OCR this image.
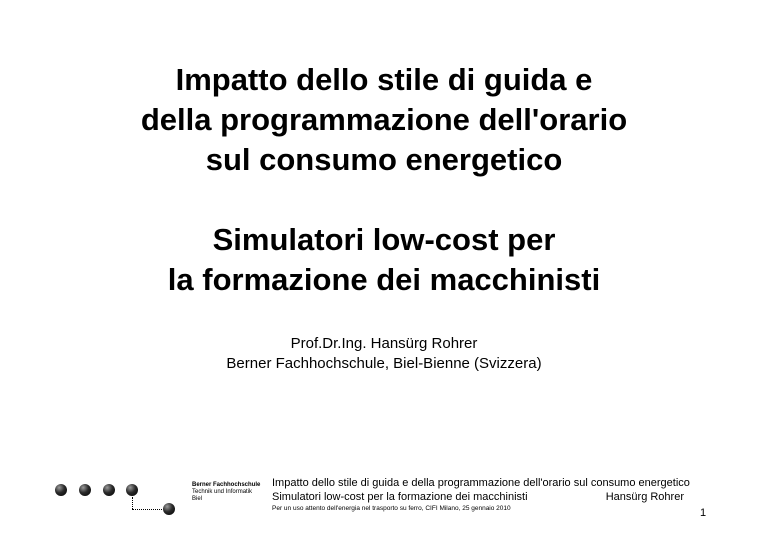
Impatto dello stile di guida e
della programmazione dell'orario
sul consumo energetico
Simulatori low-cost per
la formazione dei macchinisti
Prof.Dr.Ing. Hansürg Rohrer
Berner Fachhochschule, Biel-Bienne (Svizzera)
Berner Fachhochschule
Technik und Informatik
Biel
Impatto dello stile di guida e della programmazione dell'orario sul consumo energetico
Simulatori low-cost per la formazione dei macchinisti	Hansürg Rohrer
Per un uso attento dell'energia nel trasporto su ferro, CIFI Milano, 25 gennaio 2010	1
